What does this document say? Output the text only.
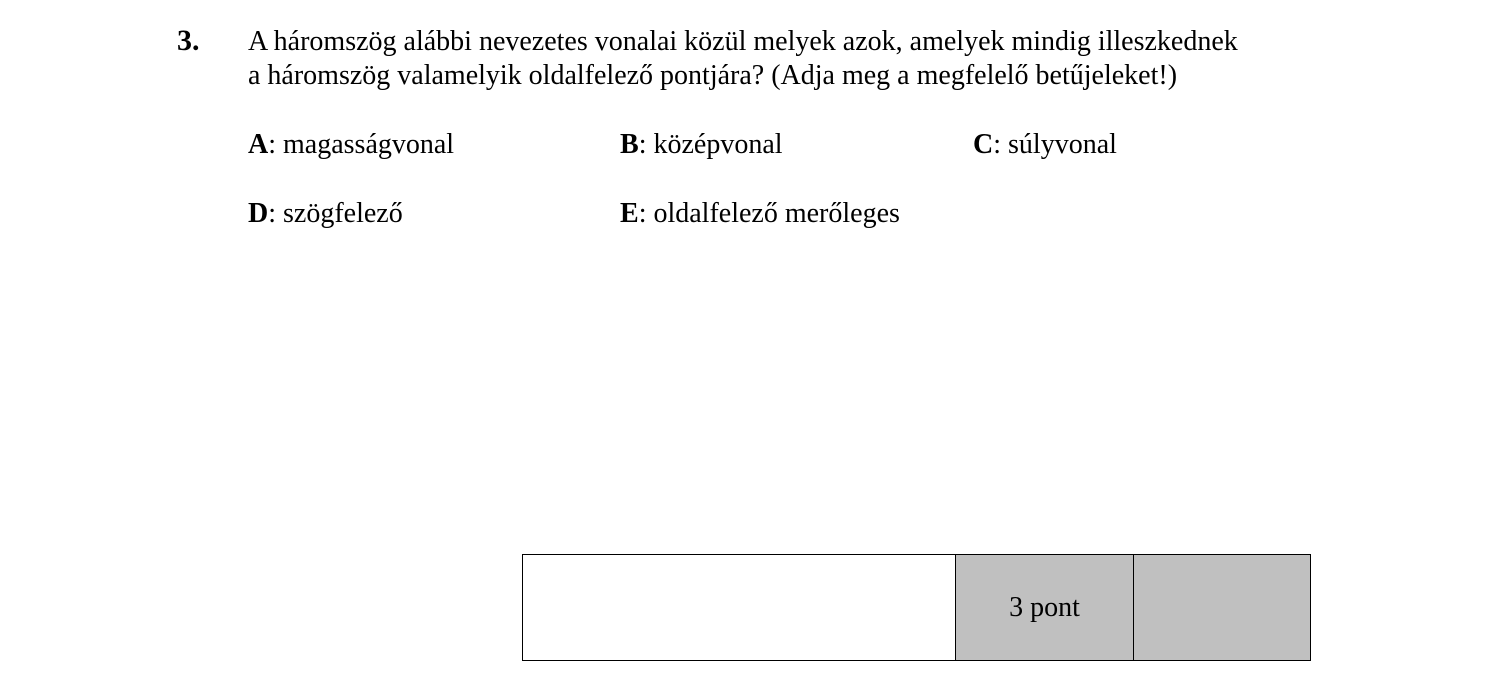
3. A háromszög alábbi nevezetes vonalai közül melyek azok, amelyek mindig illeszkednek
a háromszög valamelyik oldalfelező pontjára? (Adja meg a megfelelő betűjeleket!)
A: magasságvonal	B: középvonal	C: súlyvonal
D: szögfelező	E: oldalfelező merőleges
3 pont
